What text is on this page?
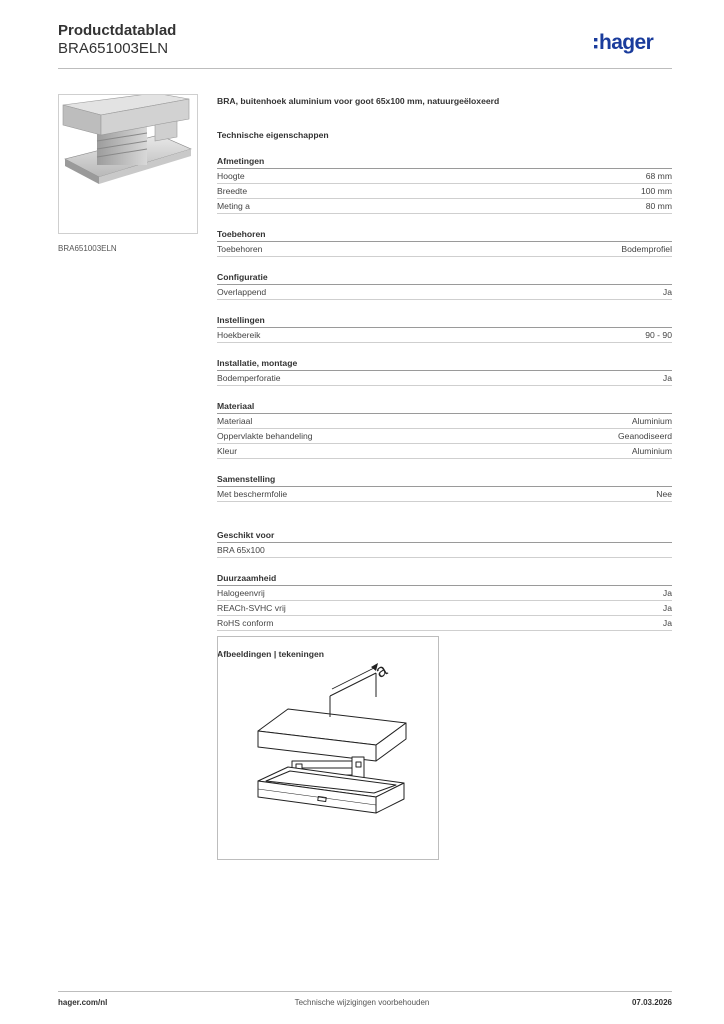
Productdatablad
BRA651003ELN	hager
BRA651003ELN
BRA, buitenhoek aluminium voor goot 65x100 mm, natuurgeëloxeerd
Technische eigenschappen
Afmetingen
Hoogte	68 mm
Breedte	100 mm
Meting a	80 mm
Toebehoren
Toebehoren	Bodemprofiel
Configuratie
Overlappend	Ja
Instellingen
Hoekbereik	90 - 90
Installatie, montage
Bodemperforatie	Ja
Materiaal
Materiaal	Aluminium
Oppervlakte behandeling	Geanodiseerd
Kleur	Aluminium
Samenstelling
Met beschermfolie	Nee
Geschikt voor
BRA 65x100
Duurzaamheid
Halogeenvrij	Ja
REACh-SVHC vrij	Ja
RoHS conform	Ja
Afbeeldingen | tekeningen
a
hager.com/nl	Technische wijzigingen voorbehouden	07.03.2026
